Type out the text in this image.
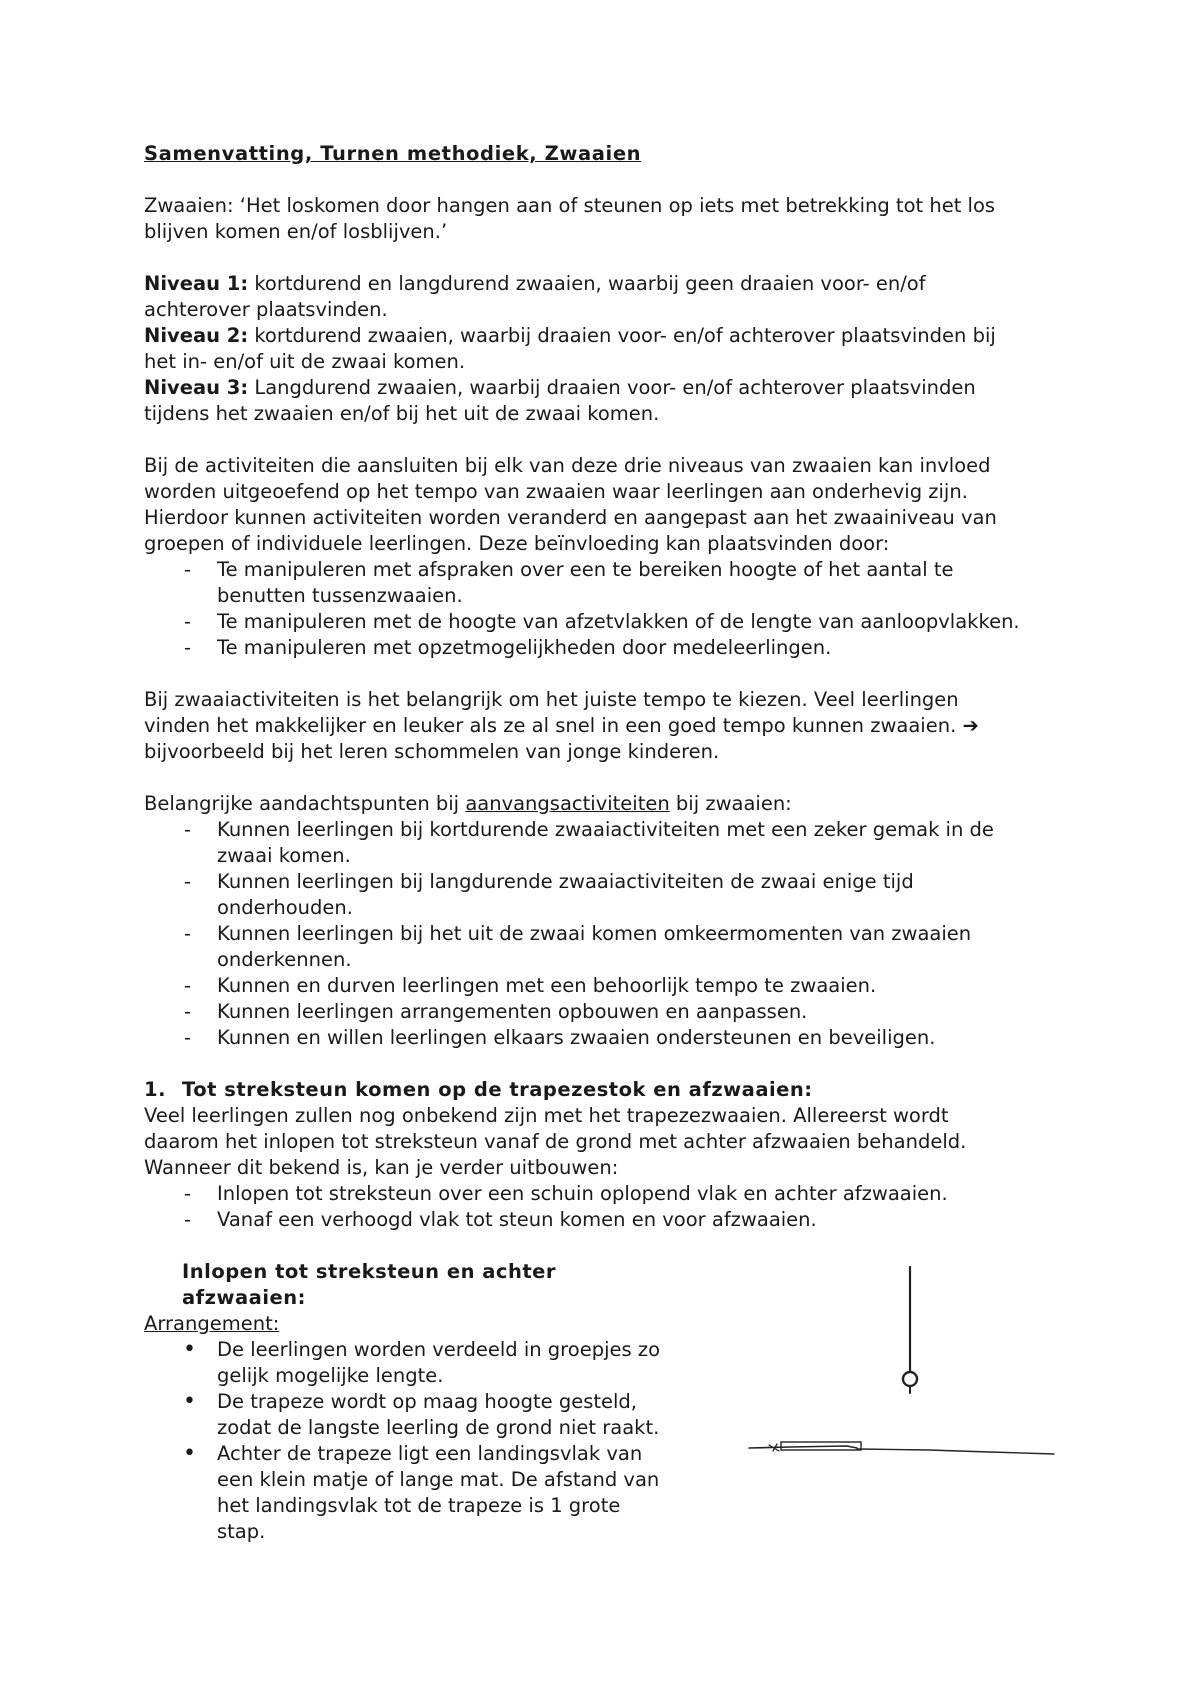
Samenvatting, Turnen methodiek, Zwaaien

Zwaaien: ‘Het loskomen door hangen aan of steunen op iets met betrekking tot het los

blijven komen en/of losblijven.’

Niveau 1: kortdurend en langdurend zwaaien, waarbij geen draaien voor- en/of

achterover plaatsvinden.

Niveau 2: kortdurend zwaaien, waarbij draaien voor- en/of achterover plaatsvinden bij

het in- en/of uit de zwaai komen.

Niveau 3: Langdurend zwaaien, waarbij draaien voor- en/of achterover plaatsvinden

tijdens het zwaaien en/of bij het uit de zwaai komen.

Bij de activiteiten die aansluiten bij elk van deze drie niveaus van zwaaien kan invloed

worden uitgeoefend op het tempo van zwaaien waar leerlingen aan onderhevig zijn.

Hierdoor kunnen activiteiten worden veranderd en aangepast aan het zwaainiveau van

groepen of individuele leerlingen. Deze beïnvloeding kan plaatsvinden door:

- Te manipuleren met afspraken over een te bereiken hoogte of het aantal te
benutten tussenzwaaien.
- Te manipuleren met de hoogte van afzetvlakken of de lengte van aanloopvlakken.
- Te manipuleren met opzetmogelijkheden door medeleerlingen.

Bij zwaaiactiviteiten is het belangrijk om het juiste tempo te kiezen. Veel leerlingen

vinden het makkelijker en leuker als ze al snel in een goed tempo kunnen zwaaien. ➔

bijvoorbeeld bij het leren schommelen van jonge kinderen.

Belangrijke aandachtspunten bij aanvangsactiviteiten bij zwaaien:

- Kunnen leerlingen bij kortdurende zwaaiactiviteiten met een zeker gemak in de
zwaai komen.
- Kunnen leerlingen bij langdurende zwaaiactiviteiten de zwaai enige tijd
onderhouden.
- Kunnen leerlingen bij het uit de zwaai komen omkeermomenten van zwaaien
onderkennen.
- Kunnen en durven leerlingen met een behoorlijk tempo te zwaaien.
- Kunnen leerlingen arrangementen opbouwen en aanpassen.
- Kunnen en willen leerlingen elkaars zwaaien ondersteunen en beveiligen.

1. Tot streksteun komen op de trapezestok en afzwaaien:

Veel leerlingen zullen nog onbekend zijn met het trapezezwaaien. Allereerst wordt

daarom het inlopen tot streksteun vanaf de grond met achter afzwaaien behandeld.

Wanneer dit bekend is, kan je verder uitbouwen:

- Inlopen tot streksteun over een schuin oplopend vlak en achter afzwaaien.
- Vanaf een verhoogd vlak tot steun komen en voor afzwaaien.

Inlopen tot streksteun en achter afzwaaien:

Arrangement:

• De leerlingen worden verdeeld in groepjes zo
gelijk mogelijke lengte.
• De trapeze wordt op maag hoogte gesteld,
zodat de langste leerling de grond niet raakt.
• Achter de trapeze ligt een landingsvlak van
een klein matje of lange mat. De afstand van
het landingsvlak tot de trapeze is 1 grote
stap.
